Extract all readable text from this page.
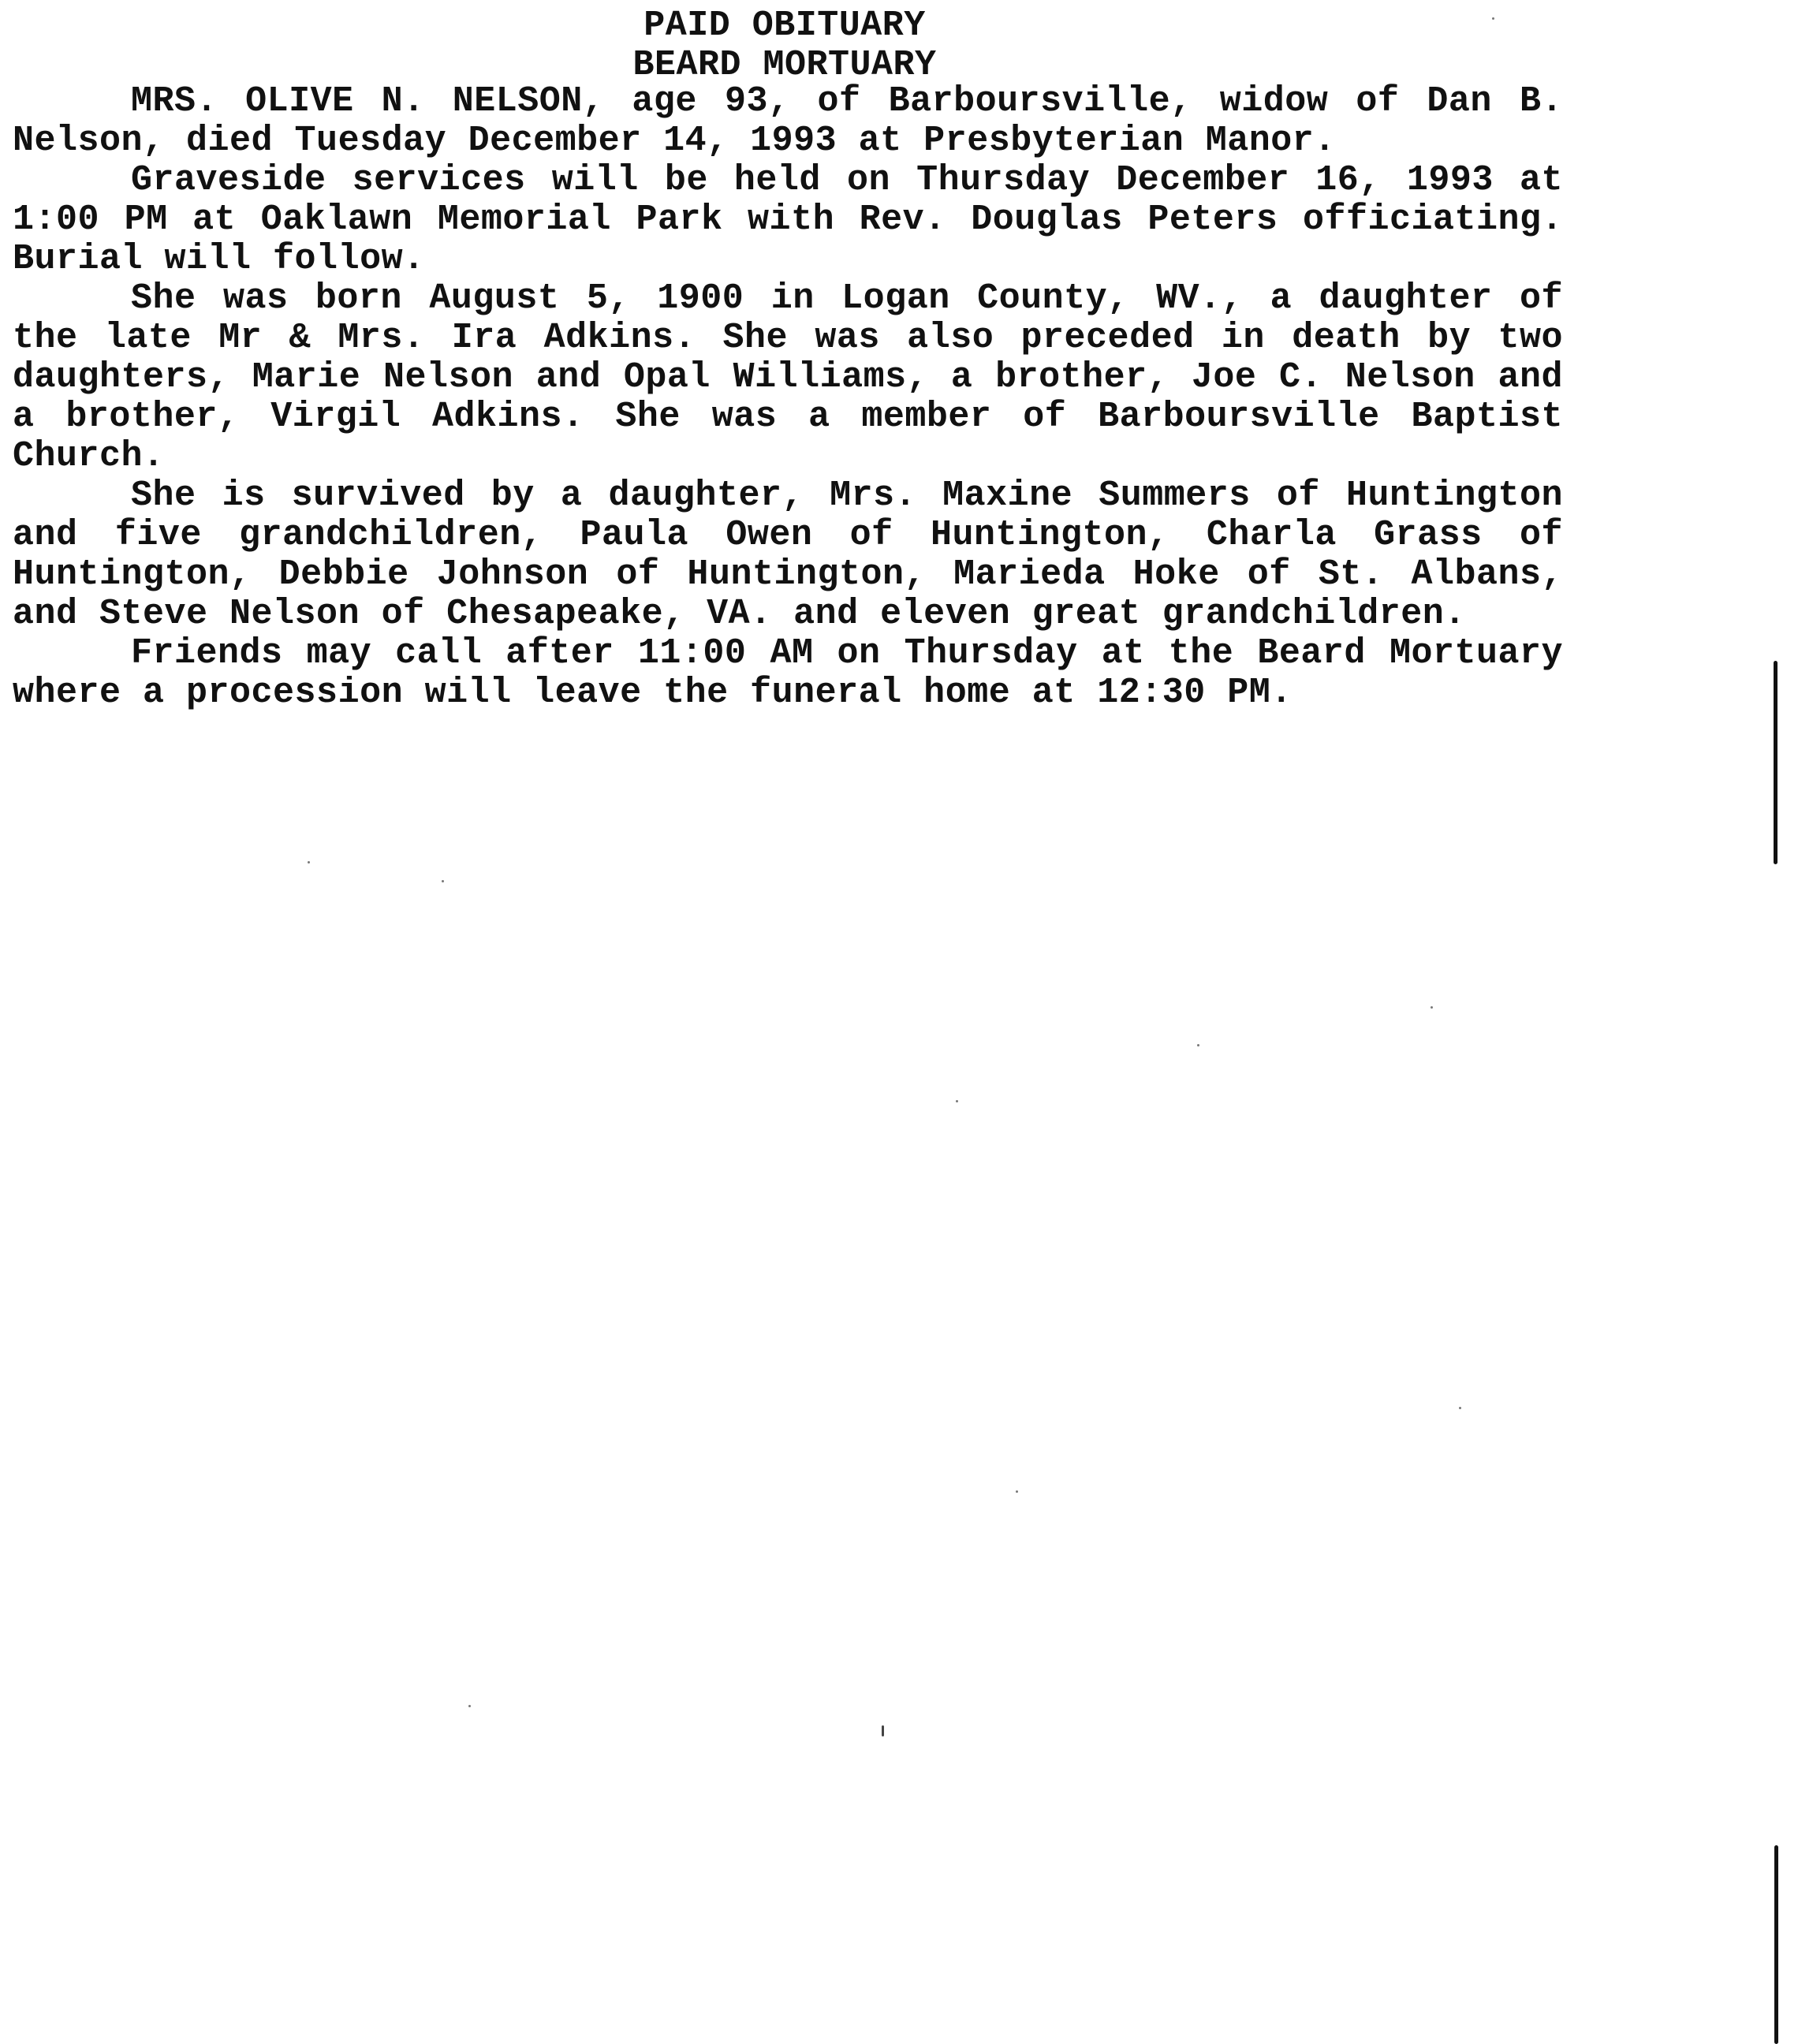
PAID OBITUARY
BEARD MORTUARY

MRS. OLIVE N. NELSON, age 93, of Barboursville, widow of Dan B. Nelson, died Tuesday December 14, 1993 at Presbyterian Manor.

Graveside services will be held on Thursday December 16, 1993 at 1:00 PM at Oaklawn Memorial Park with Rev. Douglas Peters officiating. Burial will follow.

She was born August 5, 1900 in Logan County, WV., a daughter of the late Mr & Mrs. Ira Adkins. She was also preceded in death by two daughters, Marie Nelson and Opal Williams, a brother, Joe C. Nelson and a brother, Virgil Adkins. She was a member of Barboursville Baptist Church.

She is survived by a daughter, Mrs. Maxine Summers of Huntington and five grandchildren, Paula Owen of Huntington, Charla Grass of Huntington, Debbie Johnson of Huntington, Marieda Hoke of St. Albans, and Steve Nelson of Chesapeake, VA. and eleven great grandchildren.

Friends may call after 11:00 AM on Thursday at the Beard Mortuary where a procession will leave the funeral home at 12:30 PM.
